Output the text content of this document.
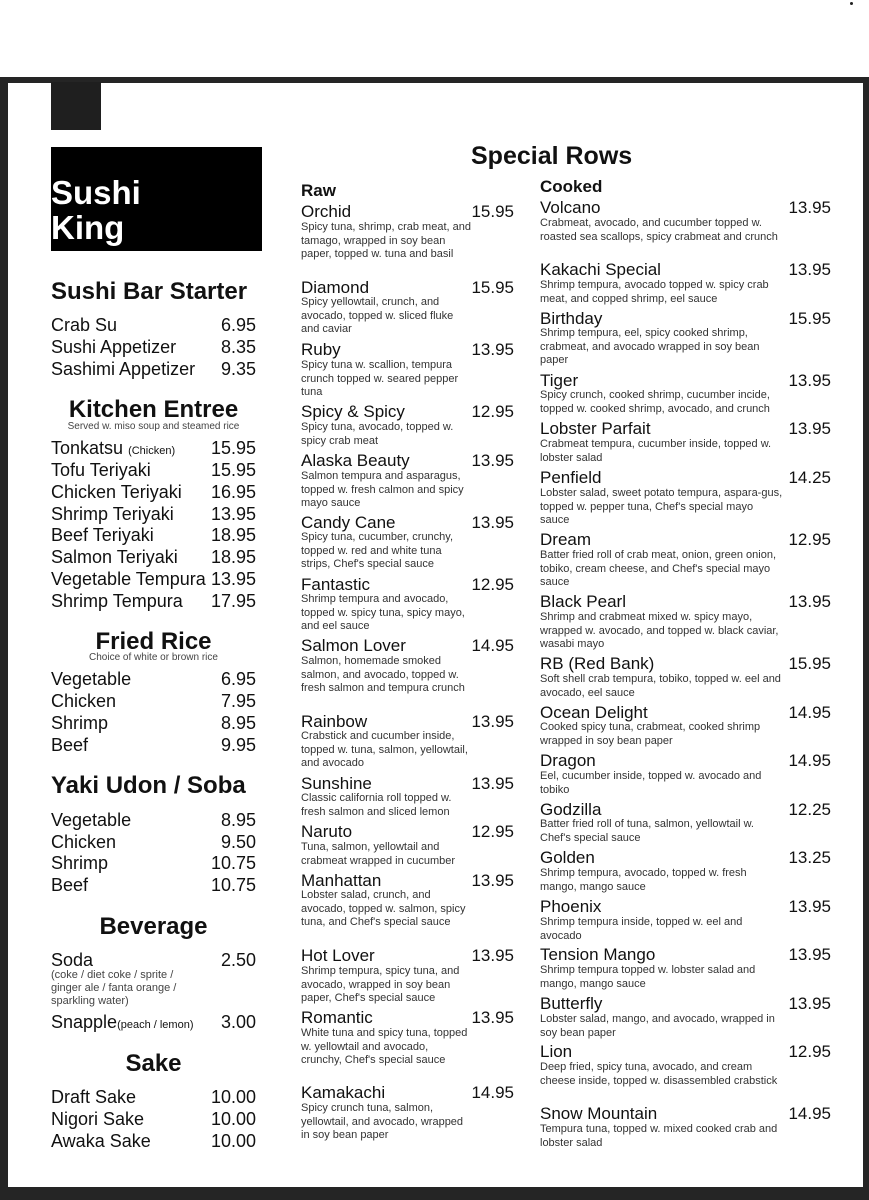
Sushi
King
Sushi Bar Starter
Crab Su	6.95
Sushi Appetizer 8.35
Sashimi Appetizer 9.35
Kitchen Entree
Served w. miso soup and steamed rice
Tonkatsu (Chicken) 15.95
Tofu Teriyaki	15.95
Chicken Teriyaki 16.95
Shrimp Teriyaki 13.95
Beef Teriyaki	18.95
Salmon Teriyaki 18.95
Vegetable Tempura 13.95
Shrimp Tempura 17.95
Fried Rice
Choice of white or brown rice
Vegetable	6.95
Chicken	7.95
Shrimp	8.95
Beef	9.95
Yaki Udon / Soba
Vegetable	8.95
Chicken	9.50
Shrimp	10.75
Beef	10.75
Beverage
Soda	2.50
(coke / diet coke / sprite / ginger ale / fanta orange / sparkling water)
Snapple(peach / lemon) 3.00
Sake
Draft Sake	10.00
Nigori Sake	10.00
Awaka Sake	10.00
Special Rows
Raw
Orchid	15.95
Spicy tuna, shrimp, crab meat, and tamago, wrapped in soy bean paper, topped w. tuna and basil
Diamond	15.95
Spicy yellowtail, crunch, and avocado, topped w. sliced fluke and caviar
Ruby	13.95
Spicy tuna w. scallion, tempura crunch topped w. seared pepper tuna
Spicy & Spicy	12.95
Spicy tuna, avocado, topped w. spicy crab meat
Alaska Beauty	13.95
Salmon tempura and asparagus, topped w. fresh calmon and spicy mayo sauce
Candy Cane	13.95
Spicy tuna, cucumber, crunchy, topped w. red and white tuna strips, Chef's special sauce
Fantastic	12.95
Shrimp tempura and avocado, topped w. spicy tuna, spicy mayo, and eel sauce
Salmon Lover	14.95
Salmon, homemade smoked salmon, and avocado, topped w. fresh salmon and tempura crunch
Rainbow	13.95
Crabstick and cucumber inside, topped w. tuna, salmon, yellowtail, and avocado
Sunshine	13.95
Classic california roll topped w. fresh salmon and sliced lemon
Naruto	12.95
Tuna, salmon, yellowtail and crabmeat wrapped in cucumber
Manhattan	13.95
Lobster salad, crunch, and avocado, topped w. salmon, spicy tuna, and Chef's special sauce
Hot Lover	13.95
Shrimp tempura, spicy tuna, and avocado, wrapped in soy bean paper, Chef's special sauce
Romantic	13.95
White tuna and spicy tuna, topped w. yellowtail and avocado, crunchy, Chef's special sauce
Kamakachi	14.95
Spicy crunch tuna, salmon, yellowtail, and avocado, wrapped in soy bean paper
Cooked
Volcano	13.95
Crabmeat, avocado, and cucumber topped w. roasted sea scallops, spicy crabmeat and crunch
Kakachi Special	13.95
Shrimp tempura, avocado topped w. spicy crab meat, and copped shrimp, eel sauce
Birthday	15.95
Shrimp tempura, eel, spicy cooked shrimp, crabmeat, and avocado wrapped in soy bean paper
Tiger	13.95
Spicy crunch, cooked shrimp, cucumber incide, topped w. cooked shrimp, avocado, and crunch
Lobster Parfait	13.95
Crabmeat tempura, cucumber inside, topped w. lobster salad
Penfield	14.25
Lobster salad, sweet potato tempura, aspara-gus, topped w. pepper tuna, Chef's special mayo sauce
Dream	12.95
Batter fried roll of crab meat, onion, green onion, tobiko, cream cheese, and Chef's special mayo sauce
Black Pearl	13.95
Shrimp and crabmeat mixed w. spicy mayo, wrapped w. avocado, and topped w. black caviar, wasabi mayo
RB (Red Bank)	15.95
Soft shell crab tempura, tobiko, topped w. eel and avocado, eel sauce
Ocean Delight	14.95
Cooked spicy tuna, crabmeat, cooked shrimp wrapped in soy bean paper
Dragon	14.95
Eel, cucumber inside, topped w. avocado and tobiko
Godzilla	12.25
Batter fried roll of tuna, salmon, yellowtail w. Chef's special sauce
Golden	13.25
Shrimp tempura, avocado, topped w. fresh mango, mango sauce
Phoenix	13.95
Shrimp tempura inside, topped w. eel and avocado
Tension Mango	13.95
Shrimp tempura topped w. lobster salad and mango, mango sauce
Butterfly	13.95
Lobster salad, mango, and avocado, wrapped in soy bean paper
Lion	12.95
Deep fried, spicy tuna, avocado, and cream cheese inside, topped w. disassembled crabstick
Snow Mountain	14.95
Tempura tuna, topped w. mixed cooked crab and lobster salad
